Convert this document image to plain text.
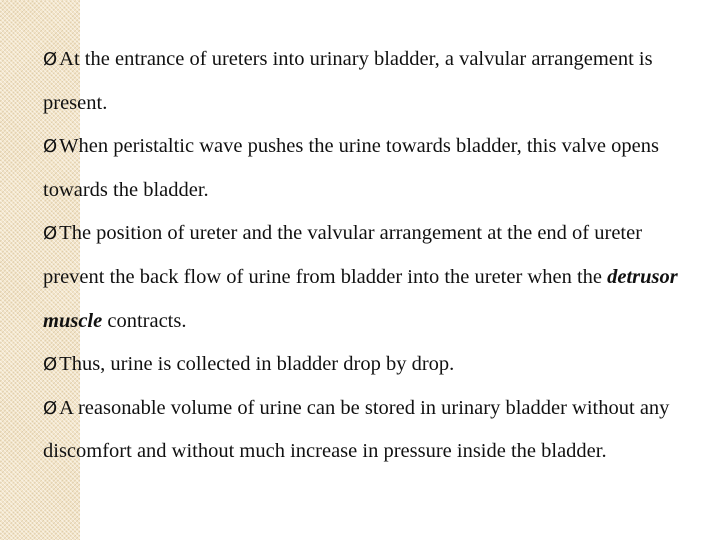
ØAt the entrance of ureters into urinary bladder, a valvular arrangement is present.

ØWhen peristaltic wave pushes the urine towards bladder, this valve opens towards the bladder.

ØThe position of ureter and the valvular arrangement at the end of ureter prevent the back flow of urine from bladder into the ureter when the detrusor muscle contracts.

ØThus, urine is collected in bladder drop by drop.

ØA reasonable volume of urine can be stored in urinary bladder without any discomfort and without much increase in pressure inside the bladder.
